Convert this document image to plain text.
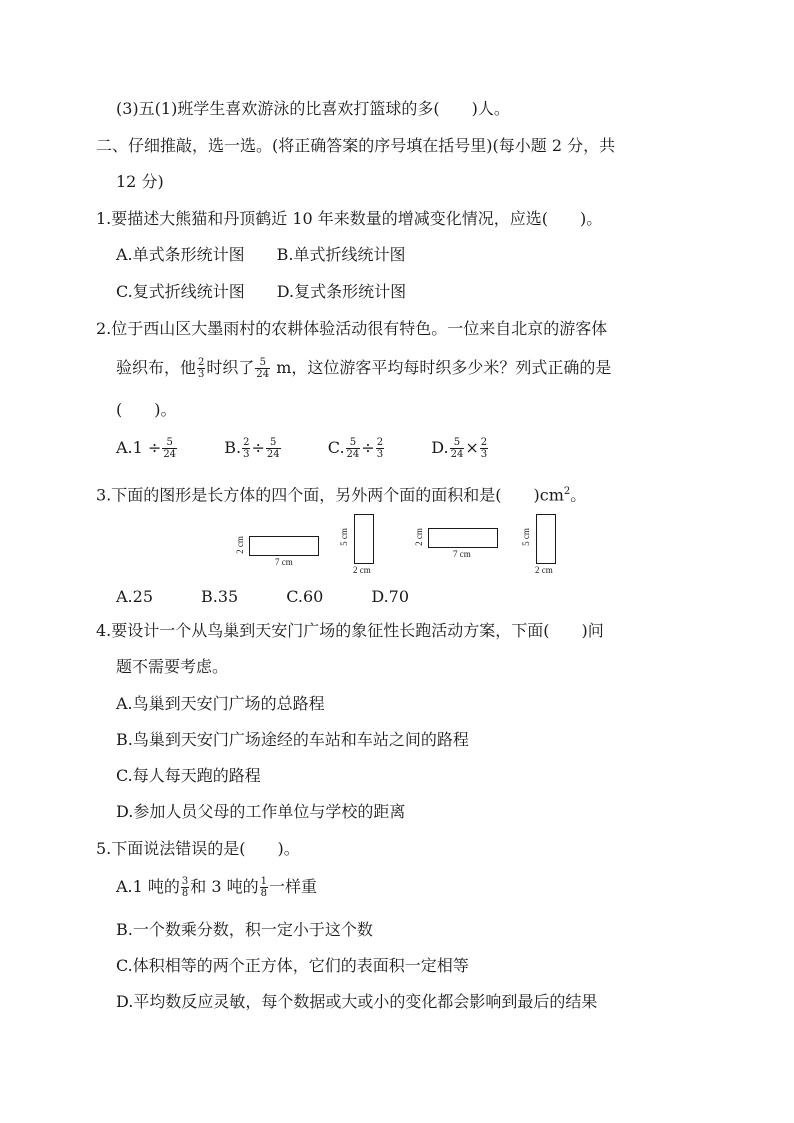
(3)五(1)班学生喜欢游泳的比喜欢打篮球的多(　　)人。
二、仔细推敲，选一选。(将正确答案的序号填在括号里)(每小题 2 分，共
12 分)
1.要描述大熊猫和丹顶鹤近 10 年来数量的增减变化情况，应选(　　)。
A.单式条形统计图　　B.单式折线统计图
C.复式折线统计图　　D.复式条形统计图
2.位于西山区大墨雨村的农耕体验活动很有特色。一位来自北京的游客体
验织布，他 $\frac{2}{3}$ 时织了 $\frac{5}{24}$ m，这位游客平均每时织多少米？列式正确的是
(　　)。
$A.1 \div \frac{5}{24}$	B. $\frac{2}{3} \div \frac{5}{24}$	C. $\frac{5}{24} \div \frac{2}{3}$	D. $\frac{5}{24} \times \frac{2}{3}$
3.下面的图形是长方体的四个面，另外两个面的面积和是(　　)$cm^2$。
2 cm
7 cm
5 cm
2 cm
2 cm
7 cm
5 cm
2 cm
A.25　　　B.35　　　C.60　　　D.70
4.要设计一个从鸟巢到天安门广场的象征性长跑活动方案，下面(　　)问
题不需要考虑。
A.鸟巢到天安门广场的总路程
B.鸟巢到天安门广场途经的车站和车站之间的路程
C.每人每天跑的路程
D.参加人员父母的工作单位与学校的距离
5.下面说法错误的是(　　)。
A.1 吨的 $\frac{3}{8}$ 和 3 吨的 $\frac{1}{8}$ 一样重
B.一个数乘分数，积一定小于这个数
C.体积相等的两个正方体，它们的表面积一定相等
D.平均数反应灵敏，每个数据或大或小的变化都会影响到最后的结果
